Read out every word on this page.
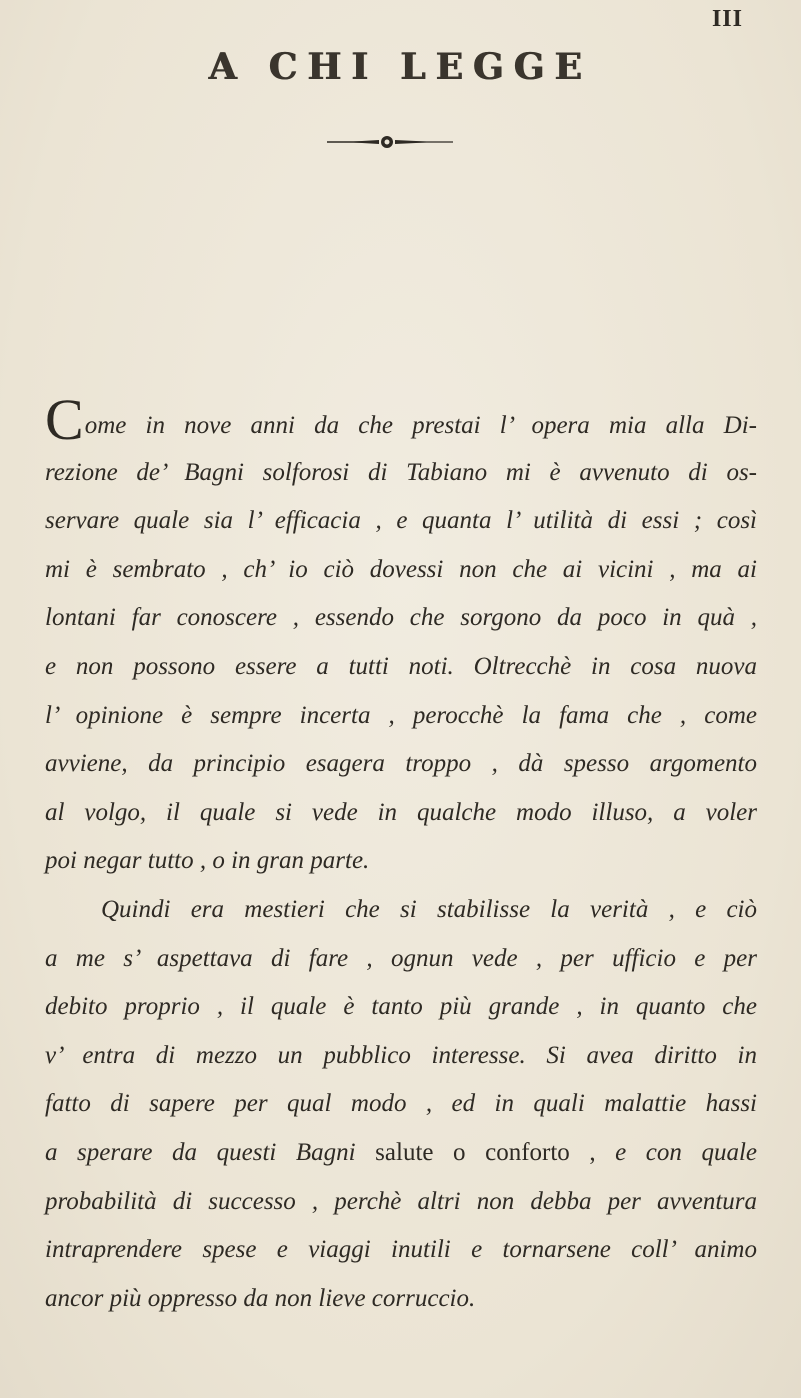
III
A CHI LEGGE
Come in nove anni da che prestai l’ opera mia alla Di-
rezione de’ Bagni solforosi di Tabiano mi è avvenuto di os-
servare quale sia l’ efficacia , e quanta l’ utilità di essi ; così
mi è sembrato , ch’ io ciò dovessi non che ai vicini , ma ai
lontani far conoscere , essendo che sorgono da poco in quà ,
e non possono essere a tutti noti. Oltrecchè in cosa nuova
l’ opinione è sempre incerta , perocchè la fama che , come
avviene, da principio esagera troppo , dà spesso argomento
al volgo, il quale si vede in qualche modo illuso, a voler
poi negar tutto , o in gran parte.
Quindi era mestieri che si stabilisse la verità , e ciò
a me s’ aspettava di fare , ognun vede , per ufficio e per
debito proprio , il quale è tanto più grande , in quanto che
v’ entra di mezzo un pubblico interesse. Si avea diritto in
fatto di sapere per qual modo , ed in quali malattie hassi
a sperare da questi Bagni salute o conforto , e con quale
probabilità di successo , perchè altri non debba per avventura
intraprendere spese e viaggi inutili e tornarsene coll’ animo
ancor più oppresso da non lieve corruccio.
